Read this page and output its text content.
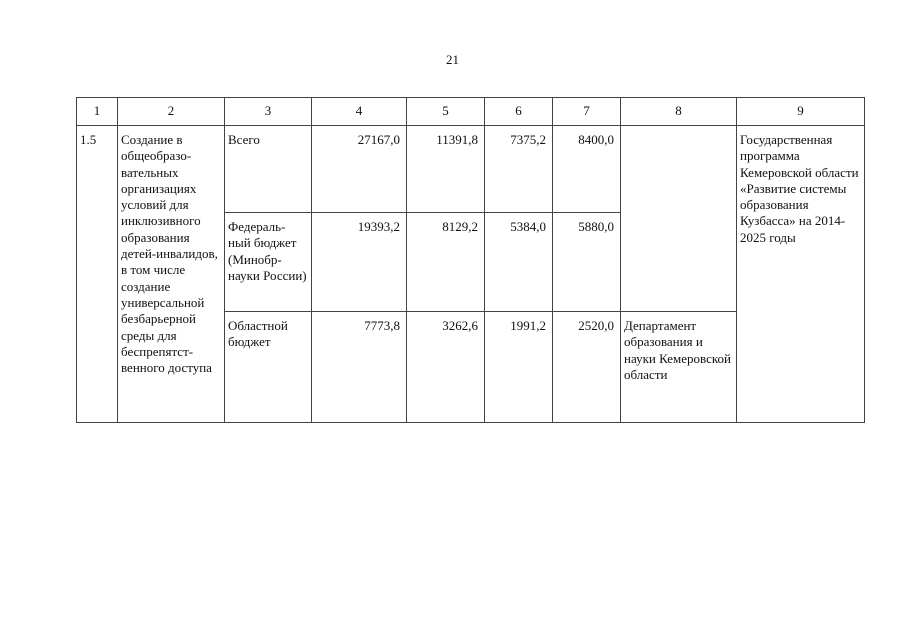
21
1	2	3	4	5	6	7	8	9

1.5	Создание в общеобразо-вательных организациях условий для инклюзивного образования детей-инвалидов, в том числе создание универсальной безбарьерной среды для беспрепятст-венного доступа	Всего	27167,0	11391,8	7375,2	8400,0		Государственная программа Кемеровской области «Развитие системы образования Кузбасса» на 2014-2025 годы

		Федераль-ный бюджет (Минобр-науки России)	19393,2	8129,2	5384,0	5880,0		

		Областной бюджет	7773,8	3262,6	1991,2	2520,0	Департамент образования и науки Кемеровской области	
